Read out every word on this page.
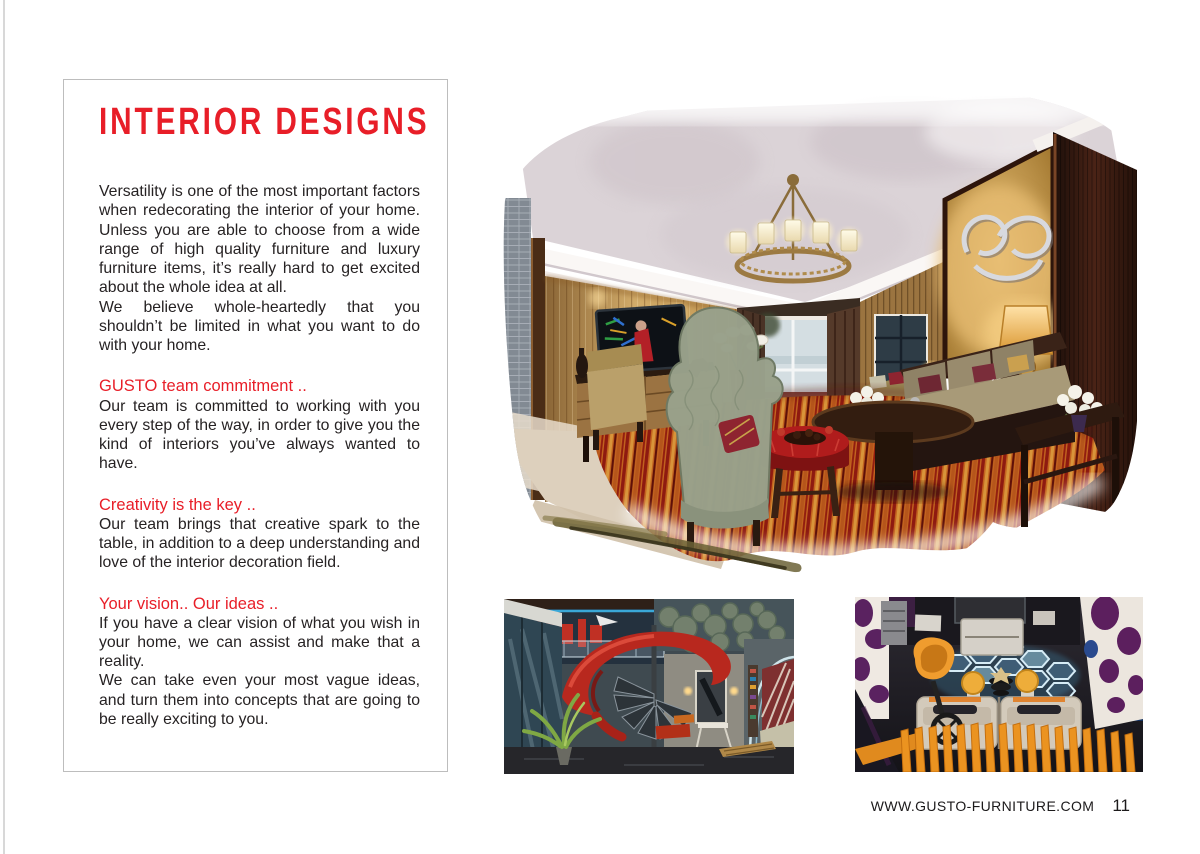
INTERIOR DESIGNS

Versatility is one of the most important factors when redecorating the interior of your home. Unless you are able to choose from a wide range of high quality furniture and luxury furniture items, it’s really hard to get excited about the whole idea at all.

We believe whole-heartedly that you shouldn’t be limited in what you want to do with your home.

GUSTO team commitment ..

Our team is committed to working with you every step of the way, in order to give you the kind of interiors you’ve always wanted to have.

Creativity is the key ..

Our team brings that creative spark to the table, in addition to a deep understanding and love of the interior decoration field.

Your vision.. Our ideas ..

If you have a clear vision of what you wish in your home, we can assist and make that a reality.

We can take even your most vague ideas, and turn them into concepts that are going to be really exciting to you.

WWW.GUSTO-FURNITURE.COM 11
